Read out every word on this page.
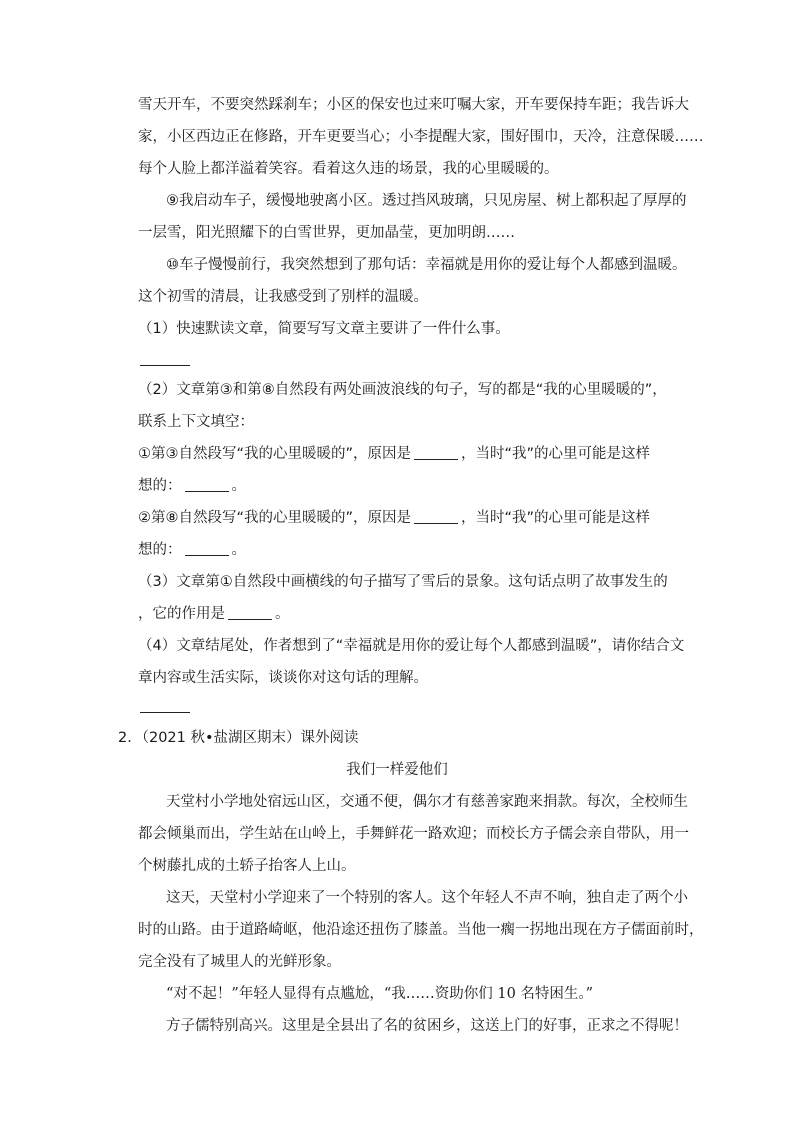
雪天开车，不要突然踩刹车；小区的保安也过来叮嘱大家，开车要保持车距；我告诉大
家，小区西边正在修路，开车更要当心；小李提醒大家，围好围巾，天冷，注意保暖……
每个人脸上都洋溢着笑容。看着这久违的场景，我的心里暖暖的。
⑨我启动车子，缓慢地驶离小区。透过挡风玻璃，只见房屋、树上都积起了厚厚的
一层雪，阳光照耀下的白雪世界，更加晶莹，更加明朗……
⑩车子慢慢前行，我突然想到了那句话：幸福就是用你的爱让每个人都感到温暖。
这个初雪的清晨，让我感受到了别样的温暖。
（1）快速默读文章，简要写写文章主要讲了一件什么事。
（2）文章第③和第⑧自然段有两处画波浪线的句子，写的都是“我的心里暖暖的”，
联系上下文填空：
①第③自然段写“我的心里暖暖的”，原因是	，当时“我”的心里可能是这样
想的：	。
②第⑧自然段写“我的心里暖暖的”，原因是	，当时“我”的心里可能是这样
想的：	。
（3）文章第①自然段中画横线的句子描写了雪后的景象。这句话点明了故事发生的
，它的作用是	。
（4）文章结尾处，作者想到了“幸福就是用你的爱让每个人都感到温暖”，请你结合文
章内容或生活实际，谈谈你对这句话的理解。
2．（2021 秋•盐湖区期末）课外阅读
我们一样爱他们
天堂村小学地处宿远山区，交通不便，偶尔才有慈善家跑来捐款。每次，全校师生
都会倾巢而出，学生站在山岭上，手舞鲜花一路欢迎；而校长方子儒会亲自带队，用一
个树藤扎成的土轿子抬客人上山。
这天，天堂村小学迎来了一个特别的客人。这个年轻人不声不响，独自走了两个小
时的山路。由于道路崎岖，他沿途还扭伤了膝盖。当他一瘸一拐地出现在方子儒面前时，
完全没有了城里人的光鲜形象。
“对不起！”年轻人显得有点尴尬，“我……资助你们 10 名特困生。”
方子儒特别高兴。这里是全县出了名的贫困乡，这送上门的好事，正求之不得呢！
